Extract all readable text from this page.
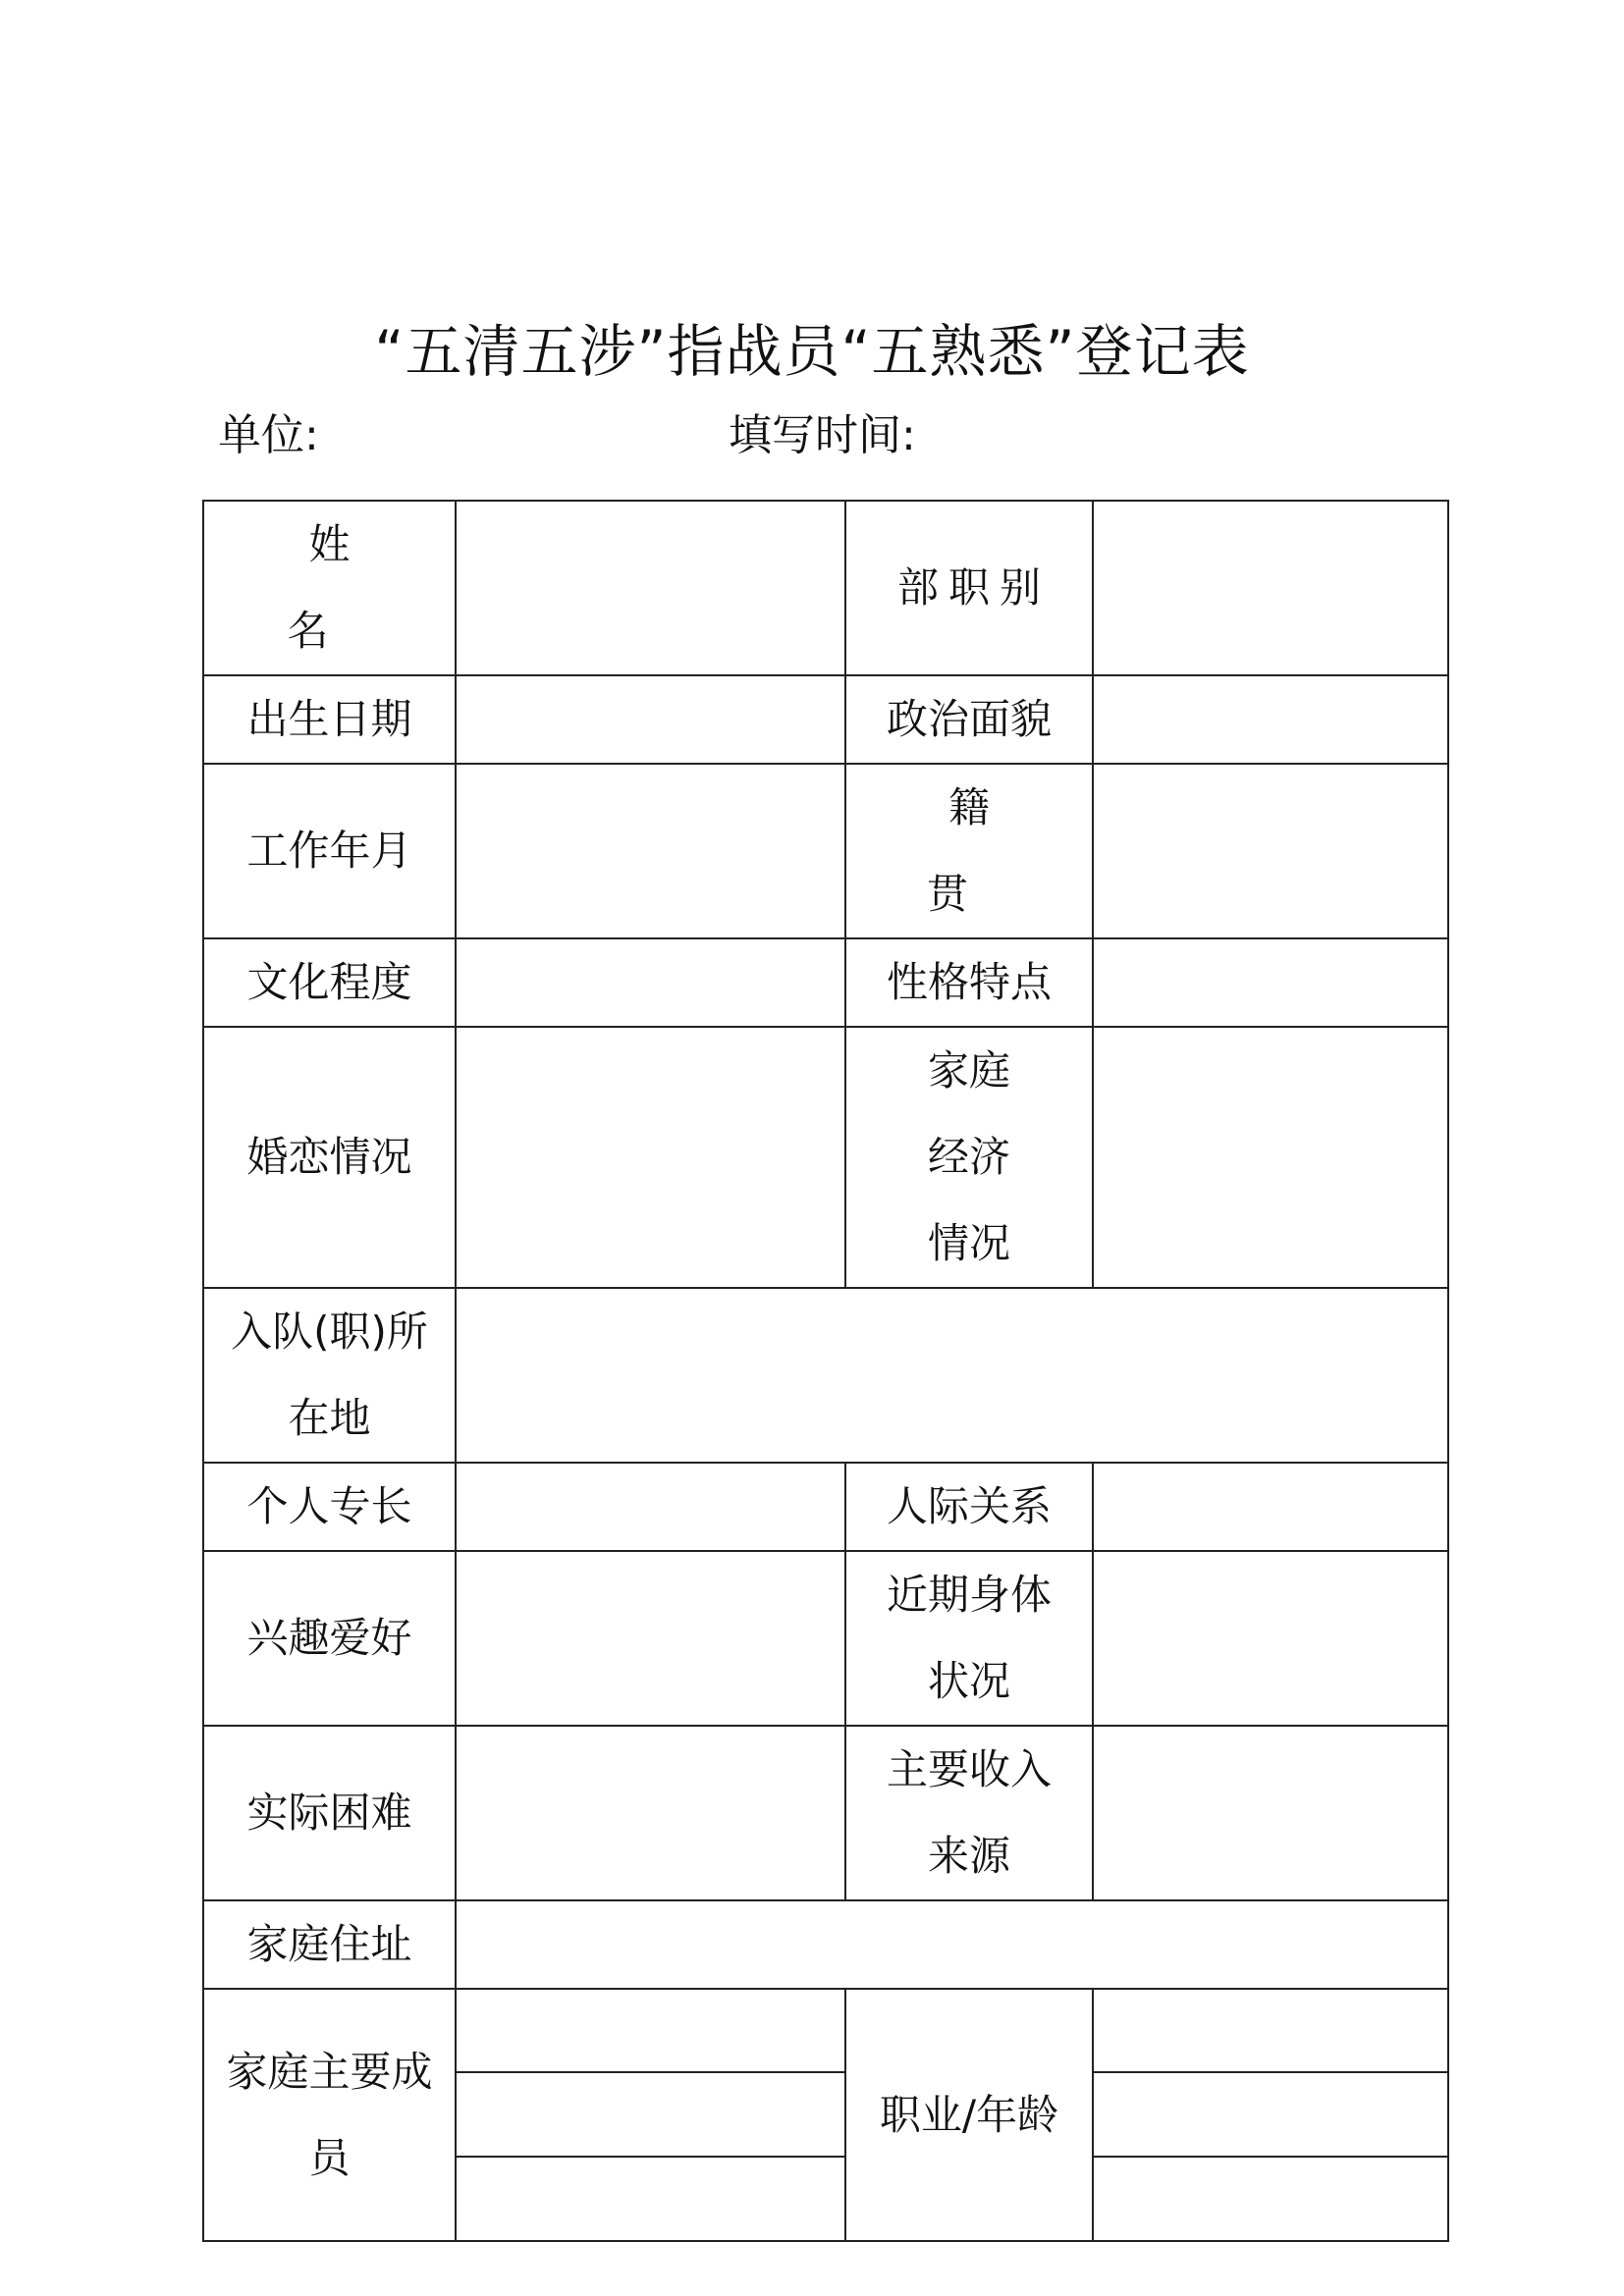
“五清五涉”指战员“五熟悉”登记表
单位:	填写时间:
姓 名		部职别	
出生日期		政治面貌	
工作年月		籍 贯	
文化程度		性格特点	
婚恋情况		家庭经济情况	
入队(职)所在地			
个人专长		人际关系	
兴趣爱好		近期身体状况	
实际困难		主要收入来源	
家庭住址			
家庭主要成员		职业/年龄	
